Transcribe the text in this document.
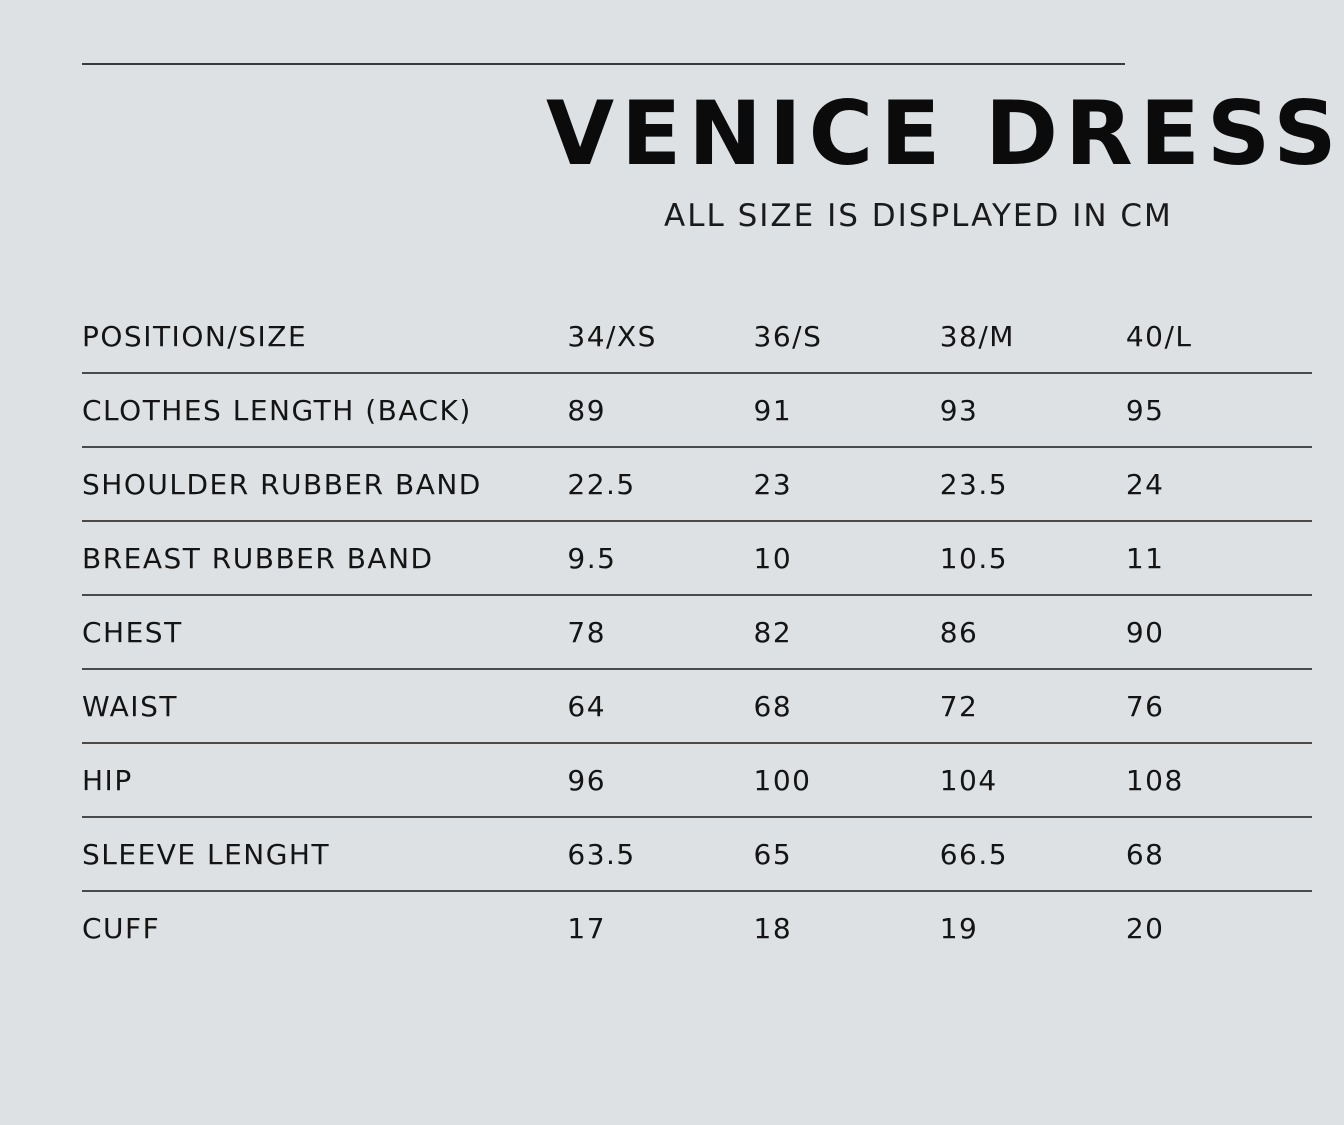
VENICE DRESS

ALL SIZE IS DISPLAYED IN CM

POSITION/SIZE	34/XS	36/S	38/M	40/L
CLOTHES LENGTH (BACK)	89	91	93	95
SHOULDER RUBBER BAND	22.5	23	23.5	24
BREAST RUBBER BAND	9.5	10	10.5	11
CHEST	78	82	86	90
WAIST	64	68	72	76
HIP	96	100	104	108
SLEEVE LENGHT	63.5	65	66.5	68
CUFF	17	18	19	20
